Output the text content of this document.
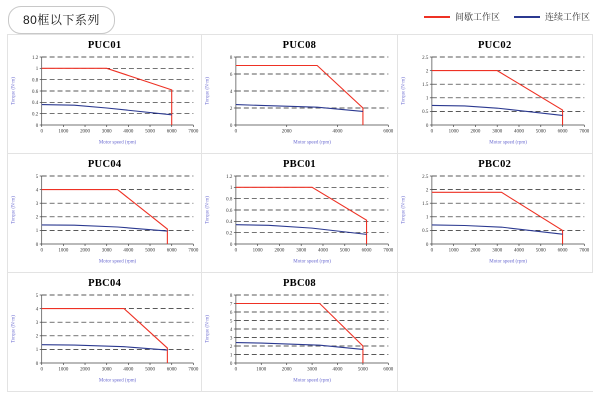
80框以下系列	间歇工作区	连续工作区
PUC01
0
0.2
0.4
0.6
0.8
1
1.2
0	1000 2000 3000 4000 5000 6000 7000
Motor speed (rpm)
Torque (N·m)
PUC08
0
2
4
6
8
0	2000	4000	6000
Motor speed (rpm)
Torque (N·m)
PUC02
0
0.5
1
1.5
2
2.5
0	1000 2000 3000 4000 5000 6000 7000
Motor speed (rpm)
Torque (N·m)
PUC04
0
1
2
3
4
5
0	1000 2000 3000 4000 5000 6000 7000
Motor speed (rpm)
Torque (N·m)
PBC01
0
0.2
0.4
0.6
0.8
1
1.2
0	1000 2000 3000 4000 5000 6000 7000
Motor speed (rpm)
Torque (N·m)
PBC02
0
0.5
1
1.5
2
2.5
0	1000 2000 3000 4000 5000 6000 7000
Motor speed (rpm)
Torque (N·m)
PBC04
0
1
2
3
4
5
0	1000 2000 3000 4000 5000 6000 7000
Motor speed (rpm)
Torque (N·m)
PBC08
0
1
2
3
4
5
6
7
8
0	1000	2000	3000	4000	5000	6000
Motor speed (rpm)
Torque (N·m)
